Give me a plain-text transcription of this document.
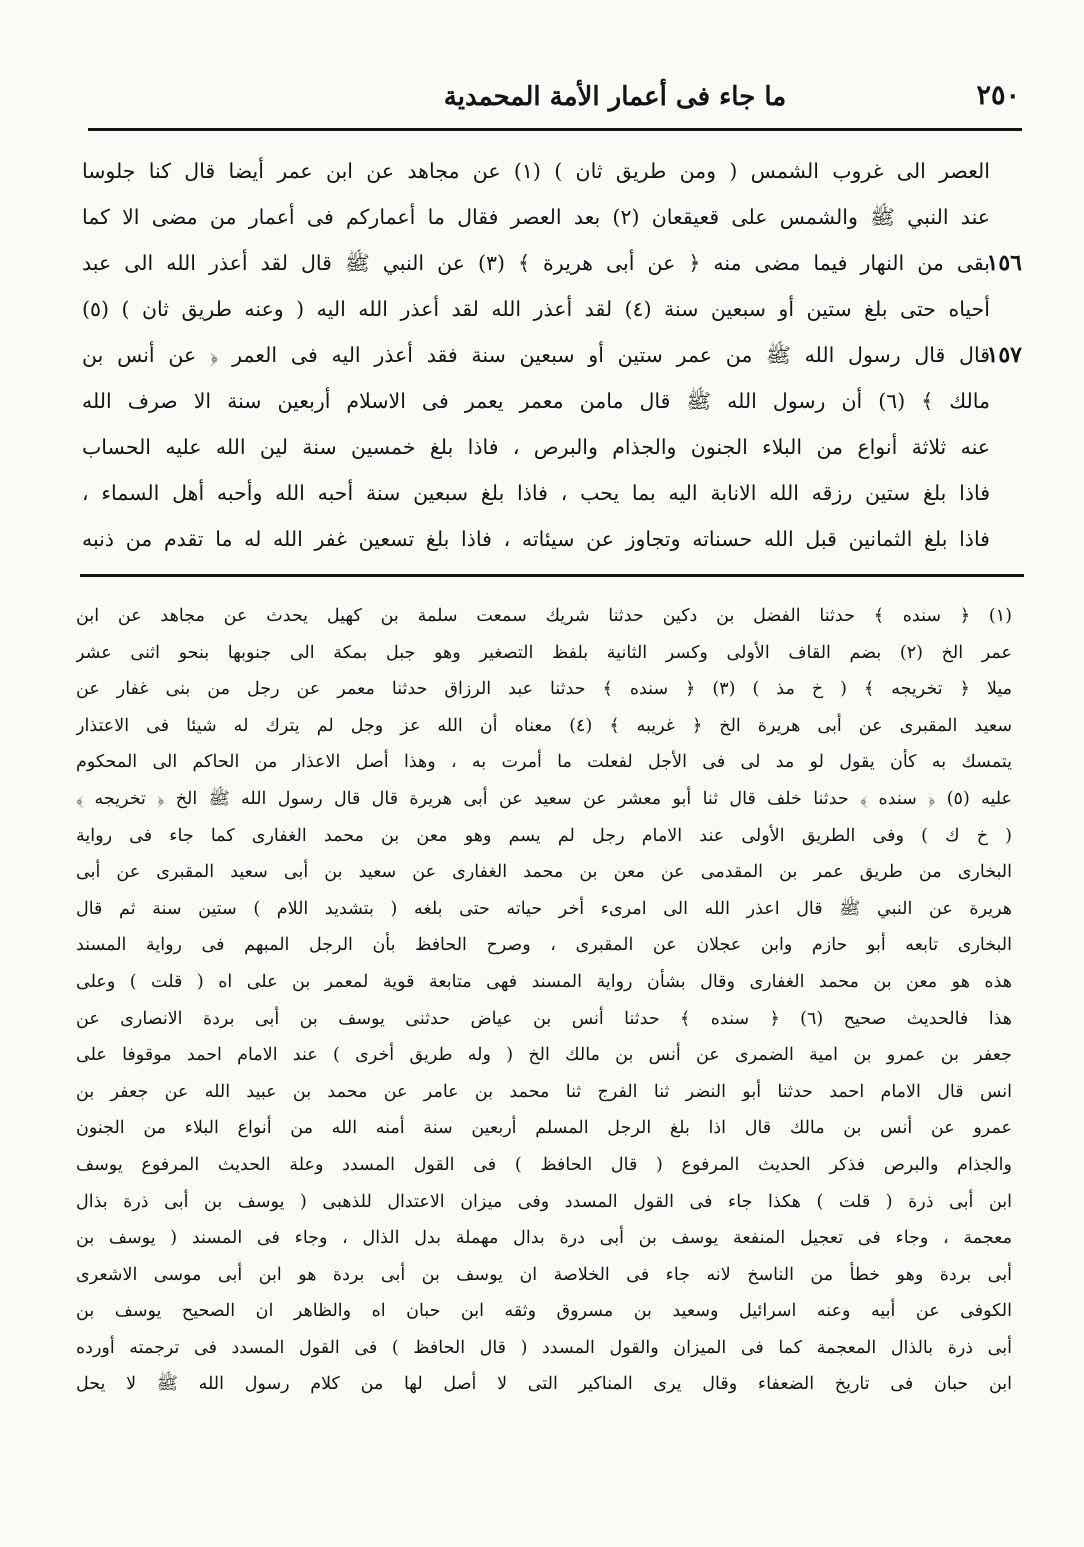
ما جاء فى أعمار الأمة المحمدية	٢٥٠
العصر الى غروب الشمس ( ومن طريق ثان ) (١) عن مجاهد عن ابن عمر أيضا قال كنا جلوسا
عند النبي ﷺ والشمس على قعيقعان (٢) بعد العصر فقال ما أعماركم فى أعمار من مضى الا كما
بقى من النهار فيما مضى منه ﴿ عن أبى هريرة ﴾ (٣) عن النبي ﷺ قال لقد أعذر الله الى عبد
أحياه حتى بلغ ستين أو سبعين سنة (٤) لقد أعذر الله لقد أعذر الله اليه ( وعنه طريق ثان ) (٥)
قال قال رسول الله ﷺ من عمر ستين أو سبعين سنة فقد أعذر اليه فى العمر ﴿ عن أنس بن
مالك ﴾ (٦) أن رسول الله ﷺ قال مامن معمر يعمر فى الاسلام أربعين سنة الا صرف الله
عنه ثلاثة أنواع من البلاء الجنون والجذام والبرص ، فاذا بلغ خمسين سنة لين الله عليه الحساب
فاذا بلغ ستين رزقه الله الانابة اليه بما يحب ، فاذا بلغ سبعين سنة أحبه الله وأحبه أهل السماء ،
فاذا بلغ الثمانين قبل الله حسناته وتجاوز عن سيئاته ، فاذا بلغ تسعين غفر الله له ما تقدم من ذنبه
١٥٦
١٥٧
(١) ﴿ سنده ﴾ حدثنا الفضل بن دكين حدثنا شريك سمعت سلمة بن كهيل يحدث عن مجاهد عن ابن
عمر الخ (٢) بضم القاف الأولى وكسر الثانية بلفظ التصغير وهو جبل بمكة الى جنوبها بنحو اثنى عشر
ميلا ﴿ تخريجه ﴾ ( خ مذ ) (٣) ﴿ سنده ﴾ حدثنا عبد الرزاق حدثنا معمر عن رجل من بنى غفار عن
سعيد المقبرى عن أبى هريرة الخ ﴿ غريبه ﴾ (٤) معناه أن الله عز وجل لم يترك له شيئا فى الاعتذار
يتمسك به كأن يقول لو مد لى فى الأجل لفعلت ما أمرت به ، وهذا أصل الاعذار من الحاكم الى المحكوم
عليه (٥) ﴿ سنده ﴾ حدثنا خلف قال ثنا أبو معشر عن سعيد عن أبى هريرة قال قال رسول الله ﷺ الخ ﴿ تخريجه ﴾
( خ ك ) وفى الطريق الأولى عند الامام رجل لم يسم وهو معن بن محمد الغفارى كما جاء فى رواية
البخارى من طريق عمر بن المقدمى عن معن بن محمد الغفارى عن سعيد بن أبى سعيد المقبرى عن أبى
هريرة عن النبي ﷺ قال اعذر الله الى امرىء أخر حياته حتى بلغه ( بتشديد اللام ) ستين سنة ثم قال
البخارى تابعه أبو حازم وابن عجلان عن المقبرى ، وصرح الحافظ بأن الرجل المبهم فى رواية المسند
هذه هو معن بن محمد الغفارى وقال بشأن رواية المسند فهى متابعة قوية لمعمر بن على اه ( قلت ) وعلى
هذا فالحديث صحيح (٦) ﴿ سنده ﴾ حدثنا أنس بن عياض حدثنى يوسف بن أبى بردة الانصارى عن
جعفر بن عمرو بن امية الضمرى عن أنس بن مالك الخ ( وله طريق أخرى ) عند الامام احمد موقوفا على
انس قال الامام احمد حدثنا أبو النضر ثنا الفرج ثنا محمد بن عامر عن محمد بن عبيد الله عن جعفر بن
عمرو عن أنس بن مالك قال اذا بلغ الرجل المسلم أربعين سنة أمنه الله من أنواع البلاء من الجنون
والجذام والبرص فذكر الحديث المرفوع ( قال الحافظ ) فى القول المسدد وعلة الحديث المرفوع يوسف
ابن أبى ذرة ( قلت ) هكذا جاء فى القول المسدد وفى ميزان الاعتدال للذهبى ( يوسف بن أبى ذرة بذال
معجمة ، وجاء فى تعجيل المنفعة يوسف بن أبى درة بدال مهملة بدل الذال ، وجاء فى المسند ( يوسف بن
أبى بردة وهو خطأ من الناسخ لانه جاء فى الخلاصة ان يوسف بن أبى بردة هو ابن أبى موسى الاشعرى
الكوفى عن أبيه وعنه اسرائيل وسعيد بن مسروق وثقه ابن حبان اه والظاهر ان الصحيح يوسف بن
أبى ذرة بالذال المعجمة كما فى الميزان والقول المسدد ( قال الحافظ ) فى القول المسدد فى ترجمته أورده
ابن حبان فى تاريخ الضعفاء وقال يرى المناكير التى لا أصل لها من كلام رسول الله ﷺ لا يحل
